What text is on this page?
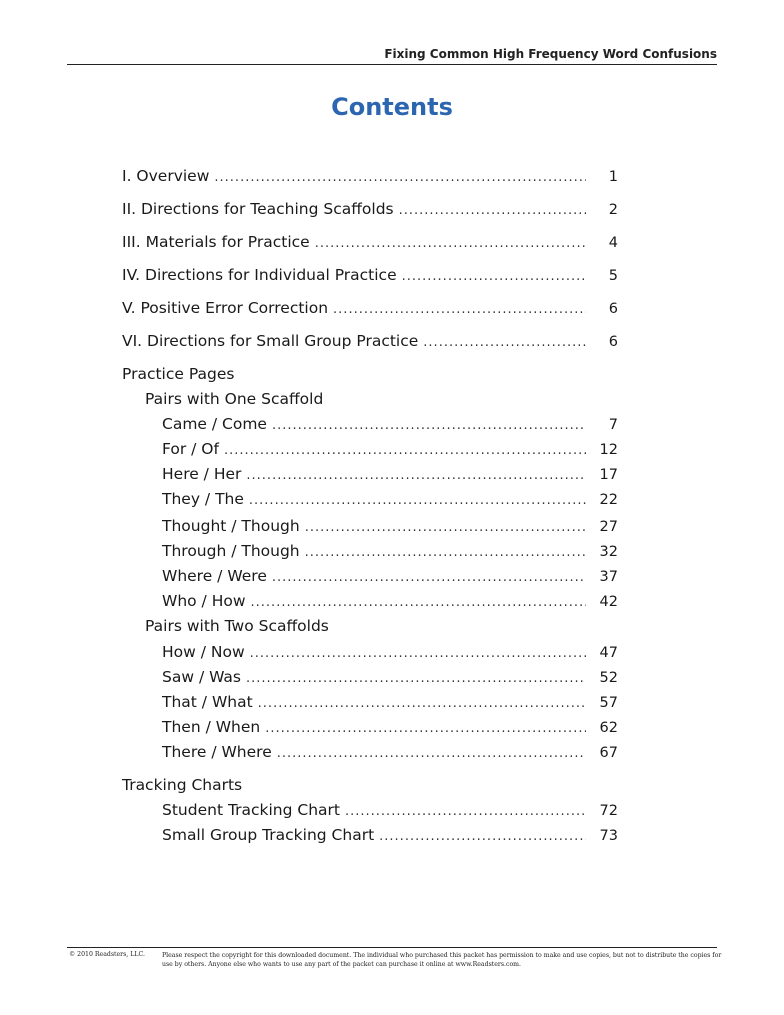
Fixing Common High Frequency Word Confusions
Contents
I. Overview .....	1
II. Directions for Teaching Scaffolds .....	2
III. Materials for Practice .....	4
IV. Directions for Individual Practice .....	5
V. Positive Error Correction .....	6
VI. Directions for Small Group Practice .....	6
Practice Pages
Pairs with One Scaffold
Came / Come .....	7
For / Of .....	12
Here / Her .....	17
They / The .....	22
Thought / Though .....	27
Through / Though .....	32
Where / Were .....	37
Who / How .....	42
Pairs with Two Scaffolds
How / Now .....	47
Saw / Was .....	52
That / What .....	57
Then / When .....	62
There / Where .....	67
Tracking Charts
Student Tracking Chart .....	72
Small Group Tracking Chart .....	73
© 2010 Readsters, LLC.	Please respect the copyright for this downloaded document. The individual who purchased this packet has permission to make and use copies, but not to distribute the copies for use by others. Anyone else who wants to use any part of the packet can purchase it online at www.Readsters.com.
